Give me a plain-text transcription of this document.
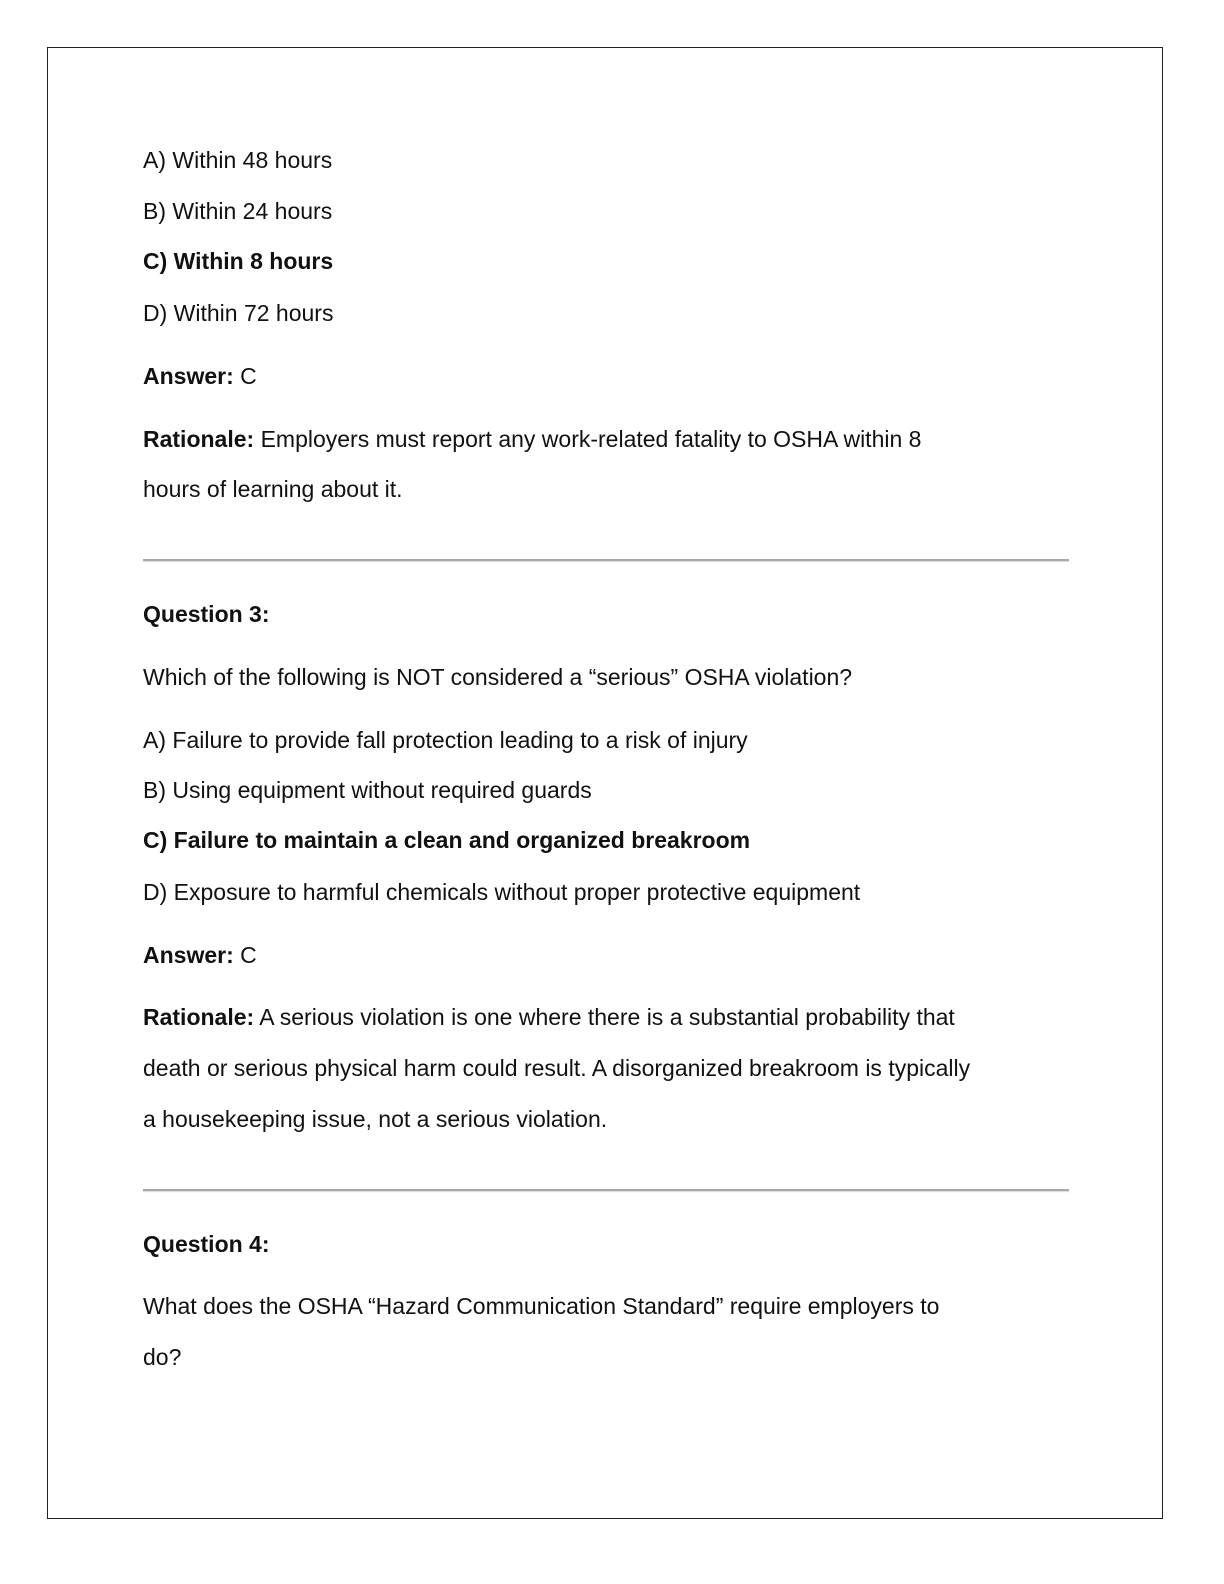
A) Within 48 hours
B) Within 24 hours
C) Within 8 hours
D) Within 72 hours
Answer: C
Rationale: Employers must report any work-related fatality to OSHA within 8
hours of learning about it.
Question 3:
Which of the following is NOT considered a “serious” OSHA violation?
A) Failure to provide fall protection leading to a risk of injury
B) Using equipment without required guards
C) Failure to maintain a clean and organized breakroom
D) Exposure to harmful chemicals without proper protective equipment
Answer: C
Rationale: A serious violation is one where there is a substantial probability that
death or serious physical harm could result. A disorganized breakroom is typically
a housekeeping issue, not a serious violation.
Question 4:
What does the OSHA “Hazard Communication Standard” require employers to
do?
